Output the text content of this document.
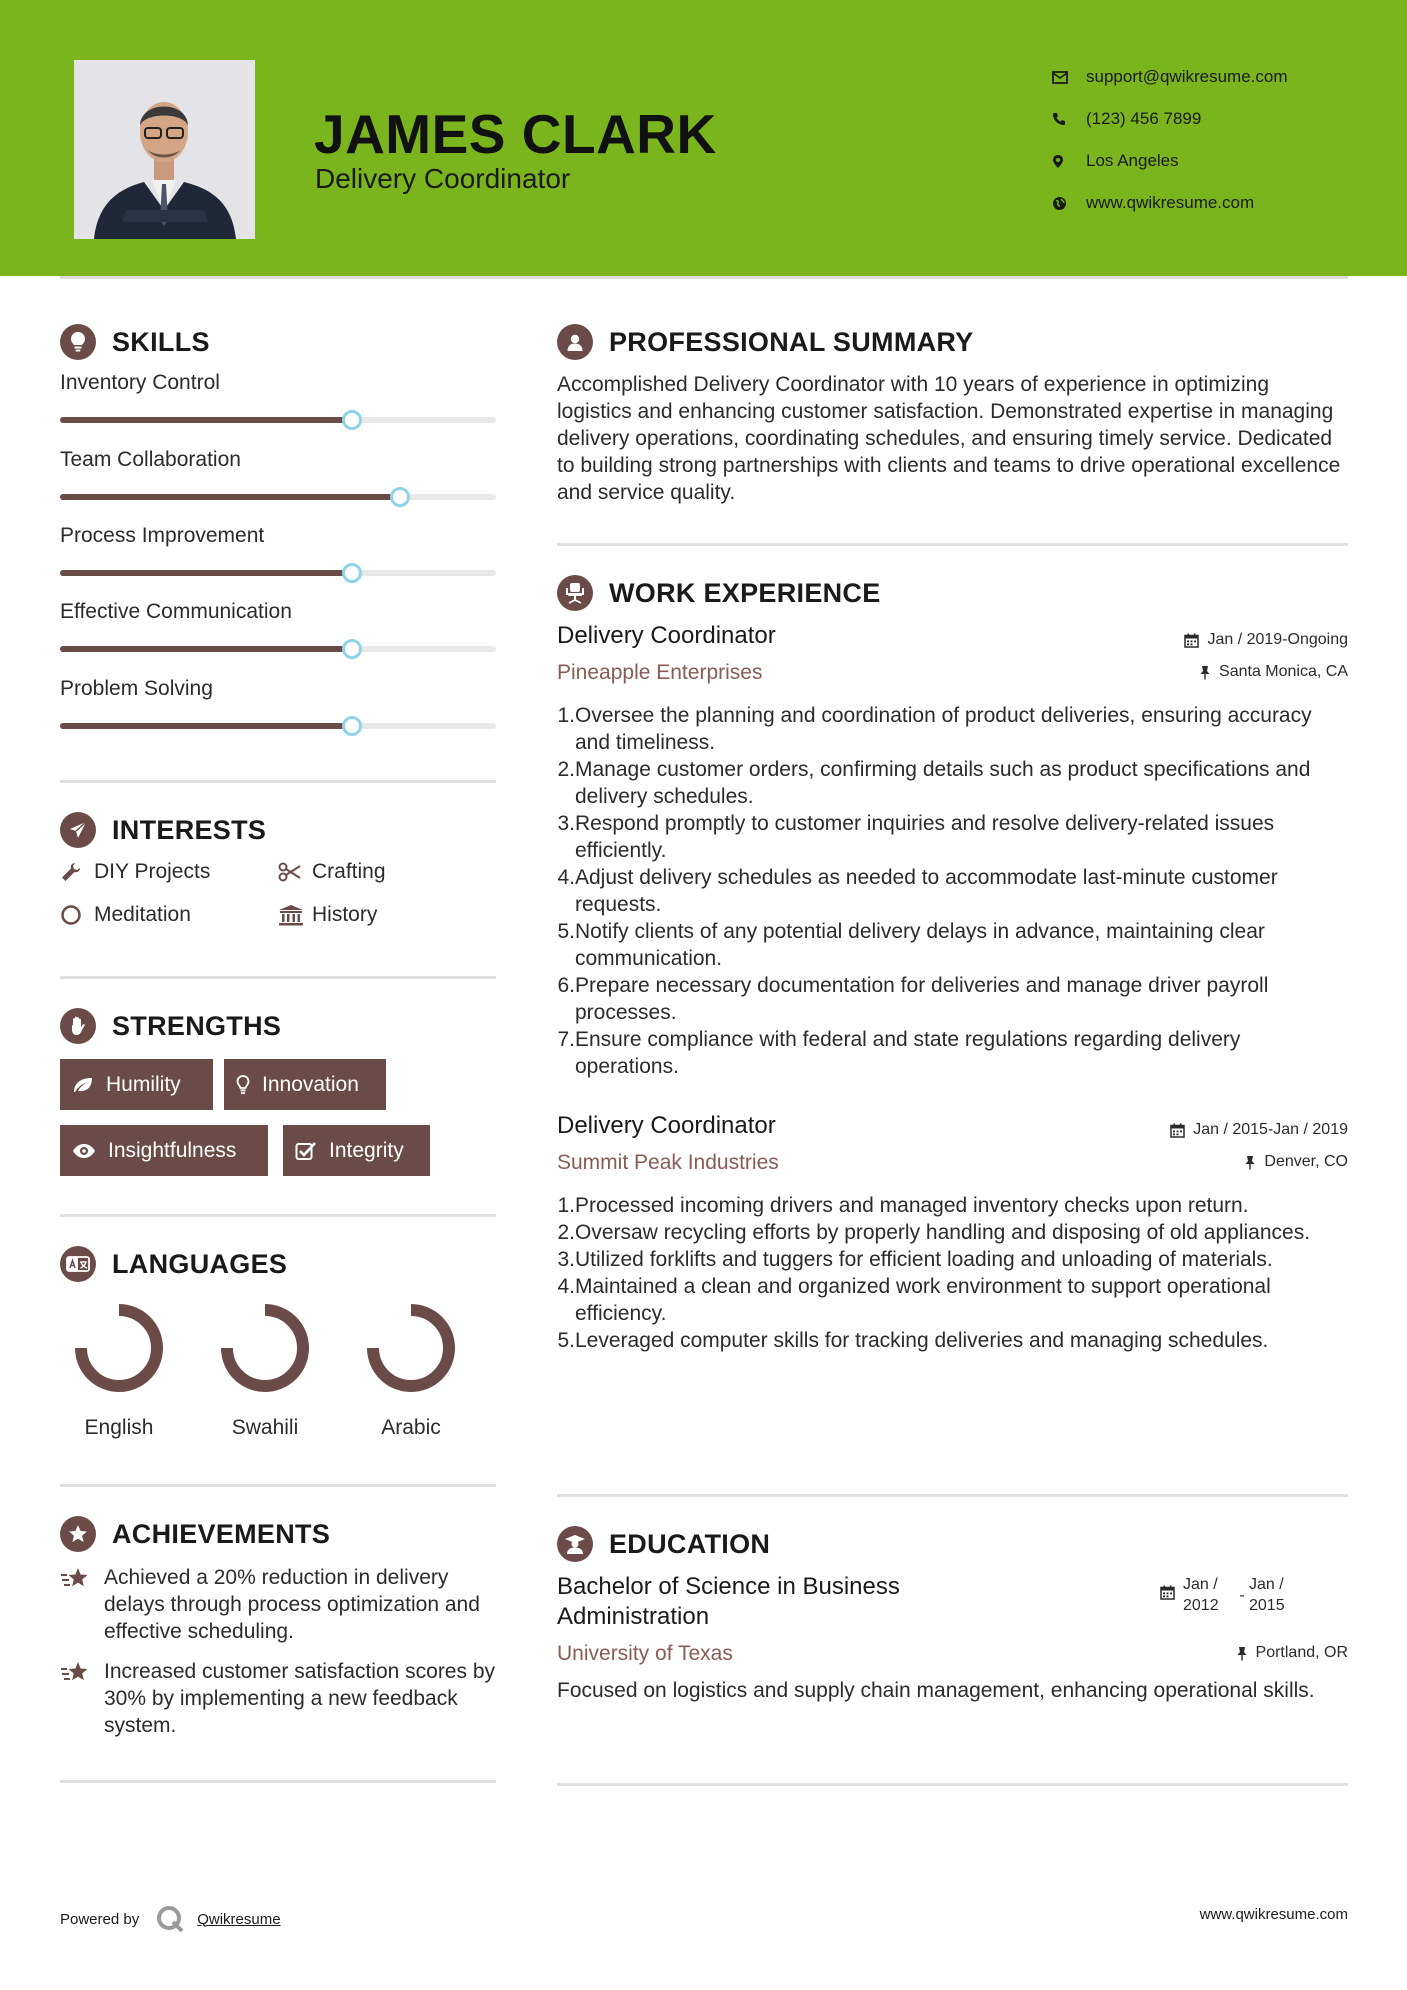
JAMES CLARK
Delivery Coordinator
support@qwikresume.com
(123) 456 7899
Los Angeles
www.qwikresume.com
SKILLS
Inventory Control
Team Collaboration
Process Improvement
Effective Communication
Problem Solving
INTERESTS
DIY Projects	Crafting
Meditation	History
STRENGTHS
Humility	Innovation
Insightfulness	Integrity
LANGUAGES
English	Swahili	Arabic
ACHIEVEMENTS
Achieved a 20% reduction in delivery delays through process optimization and effective scheduling.
Increased customer satisfaction scores by 30% by implementing a new feedback system.
PROFESSIONAL SUMMARY
Accomplished Delivery Coordinator with 10 years of experience in optimizing logistics and enhancing customer satisfaction. Demonstrated expertise in managing delivery operations, coordinating schedules, and ensuring timely service. Dedicated to building strong partnerships with clients and teams to drive operational excellence and service quality.
WORK EXPERIENCE
Delivery Coordinator	Jan / 2019-Ongoing
Pineapple Enterprises	Santa Monica, CA
1. Oversee the planning and coordination of product deliveries, ensuring accuracy and timeliness.
2. Manage customer orders, confirming details such as product specifications and delivery schedules.
3. Respond promptly to customer inquiries and resolve delivery-related issues efficiently.
4. Adjust delivery schedules as needed to accommodate last-minute customer requests.
5. Notify clients of any potential delivery delays in advance, maintaining clear communication.
6. Prepare necessary documentation for deliveries and manage driver payroll processes.
7. Ensure compliance with federal and state regulations regarding delivery operations.
Delivery Coordinator	Jan / 2015-Jan / 2019
Summit Peak Industries	Denver, CO
1. Processed incoming drivers and managed inventory checks upon return.
2. Oversaw recycling efforts by properly handling and disposing of old appliances.
3. Utilized forklifts and tuggers for efficient loading and unloading of materials.
4. Maintained a clean and organized work environment to support operational efficiency.
5. Leveraged computer skills for tracking deliveries and managing schedules.
EDUCATION
Bachelor of Science in Business Administration
Jan / 2012
-
Jan / 2015
University of Texas	Portland, OR
Focused on logistics and supply chain management, enhancing operational skills.
Powered by	Qwikresume	www.qwikresume.com
